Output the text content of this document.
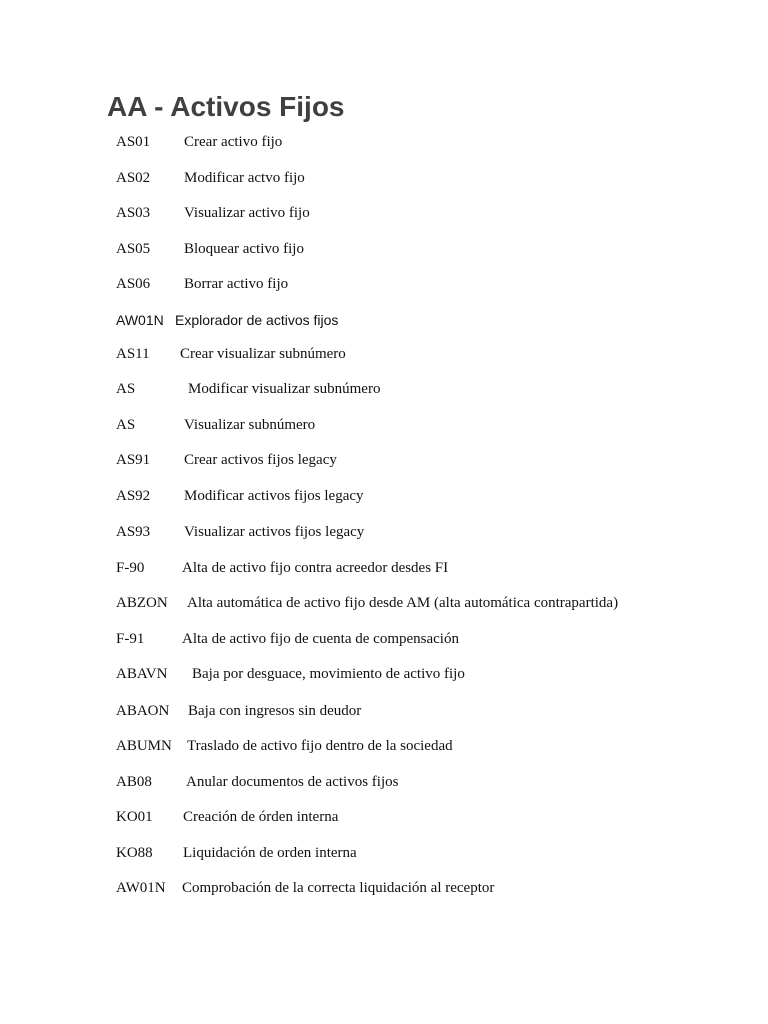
AA - Activos Fijos
AS01 Crear activo fijo
AS02 Modificar actvo fijo
AS03 Visualizar activo fijo
AS05 Bloquear activo fijo
AS06 Borrar activo fijo
AW01N Explorador de activos fijos
AS11 Crear visualizar subnúmero
AS	Modificar visualizar subnúmero
AS	Visualizar subnúmero
AS91 Crear activos fijos legacy
AS92 Modificar activos fijos legacy
AS93 Visualizar activos fijos legacy
F-90	Alta de activo fijo contra acreedor desdes FI
ABZON Alta automática de activo fijo desde AM (alta automática contrapartida)
F-91	Alta de activo fijo de cuenta de compensación
ABAVN Baja por desguace, movimiento de activo fijo
ABAON Baja con ingresos sin deudor
ABUMN Traslado de activo fijo dentro de la sociedad
AB08 Anular documentos de activos fijos
KO01 Creación de órden interna
KO88 Liquidación de orden interna
AW01N Comprobación de la correcta liquidación al receptor
